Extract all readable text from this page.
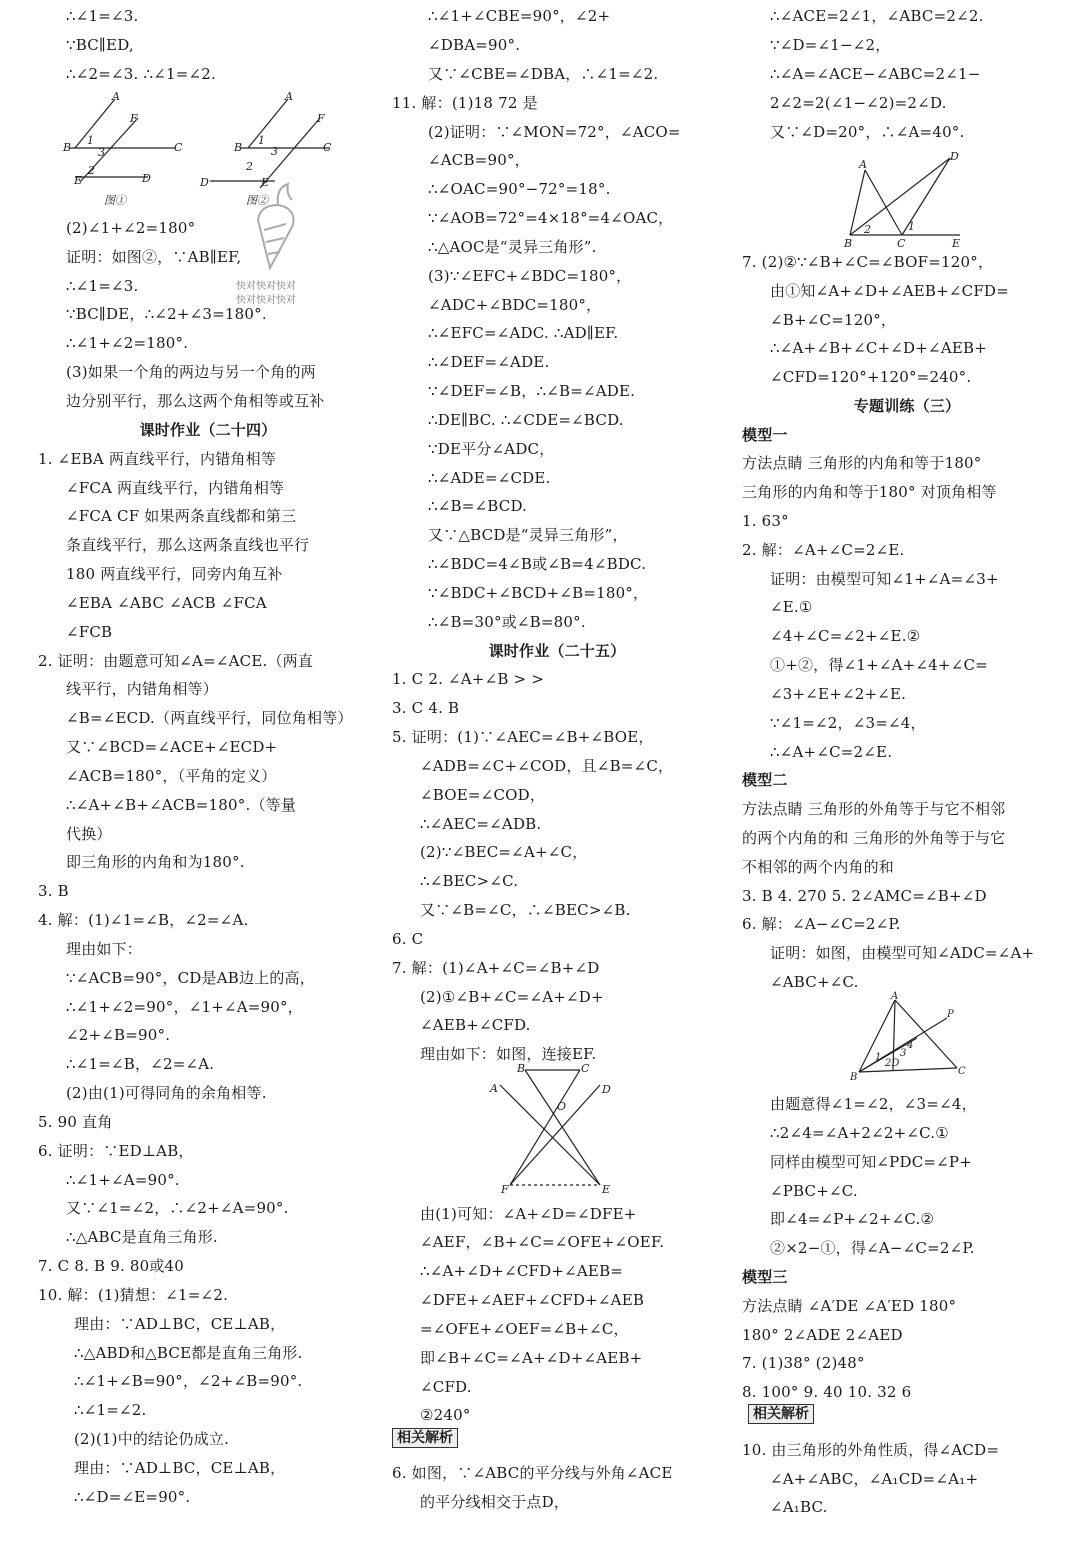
∴∠1=∠3.
∵BC∥ED,
∴∠2=∠3. ∴∠1=∠2.
(2)∠1+∠2=180°
证明：如图②，∵AB∥EF,
∴∠1=∠3.
∵BC∥DE，∴∠2+∠3=180°.
∴∠1+∠2=180°.
(3)如果一个角的两边与另一个角的两
边分别平行，那么这两个角相等或互补
课时作业（二十四）
1. ∠EBA 两直线平行，内错角相等
∠FCA 两直线平行，内错角相等
∠FCA CF 如果两条直线都和第三
条直线平行，那么这两条直线也平行
180 两直线平行，同旁内角互补
∠EBA ∠ABC ∠ACB ∠FCA
∠FCB
2. 证明：由题意可知∠A=∠ACE.（两直
线平行，内错角相等）
∠B=∠ECD.（两直线平行，同位角相等）
又∵∠BCD=∠ACE+∠ECD+
∠ACB=180°，（平角的定义）
∴∠A+∠B+∠ACB=180°.（等量
代换）
即三角形的内角和为180°.
3. B
4. 解：(1)∠1=∠B，∠2=∠A.
理由如下：
∵∠ACB=90°，CD是AB边上的高，
∴∠1+∠2=90°，∠1+∠A=90°，
∠2+∠B=90°.
∴∠1=∠B，∠2=∠A.
(2)由(1)可得同角的余角相等.
5. 90 直角
6. 证明：∵ED⊥AB，
∴∠1+∠A=90°.
又∵∠1=∠2，∴∠2+∠A=90°.
∴△ABC是直角三角形.
7. C 8. B 9. 80或40
10. 解：(1)猜想：∠1=∠2.
理由：∵AD⊥BC，CE⊥AB，
∴△ABD和△BCE都是直角三角形.
∴∠1+∠B=90°，∠2+∠B=90°.
∴∠1=∠2.
(2)(1)中的结论仍成立.
理由：∵AD⊥BC，CE⊥AB，
∴∠D=∠E=90°.
∴∠1+∠CBE=90°，∠2+
∠DBA=90°.
又∵∠CBE=∠DBA，∴∠1=∠2.
11. 解：(1)18 72 是
(2)证明：∵∠MON=72°，∠ACO=
∠ACB=90°，
∴∠OAC=90°−72°=18°.
∵∠AOB=72°=4×18°=4∠OAC，
∴△AOC是“灵异三角形”.
(3)∵∠EFC+∠BDC=180°，
∠ADC+∠BDC=180°，
∴∠EFC=∠ADC. ∴AD∥EF.
∴∠DEF=∠ADE.
∵∠DEF=∠B，∴∠B=∠ADE.
∴DE∥BC. ∴∠CDE=∠BCD.
∵DE平分∠ADC，
∴∠ADE=∠CDE.
∴∠B=∠BCD.
又∵△BCD是“灵异三角形”，
∴∠BDC=4∠B或∠B=4∠BDC.
∵∠BDC+∠BCD+∠B=180°，
∴∠B=30°或∠B=80°.
课时作业（二十五）
1. C 2. ∠A+∠B > >
3. C 4. B
5. 证明：(1)∵∠AEC=∠B+∠BOE，
∠ADB=∠C+∠COD，且∠B=∠C，
∠BOE=∠COD，
∴∠AEC=∠ADB.
(2)∵∠BEC=∠A+∠C，
∴∠BEC>∠C.
又∵∠B=∠C，∴∠BEC>∠B.
6. C
7. 解：(1)∠A+∠C=∠B+∠D
(2)①∠B+∠C=∠A+∠D+
∠AEB+∠CFD.
理由如下：如图，连接EF.
由(1)可知：∠A+∠D=∠DFE+
∠AEF，∠B+∠C=∠OFE+∠OEF.
∴∠A+∠D+∠CFD+∠AEB=
∠DFE+∠AEF+∠CFD+∠AEB
=∠OFE+∠OEF=∠B+∠C，
即∠B+∠C=∠A+∠D+∠AEB+
∠CFD.
②240°
6. 如图，∵∠ABC的平分线与外角∠ACE
的平分线相交于点D，
∴∠ACE=2∠1，∠ABC=2∠2.
∵∠D=∠1−∠2，
∴∠A=∠ACE−∠ABC=2∠1−
2∠2=2(∠1−∠2)=2∠D.
又∵∠D=20°，∴∠A=40°.
7. (2)②∵∠B+∠C=∠BOF=120°，
由①知∠A+∠D+∠AEB+∠CFD=
∠B+∠C=120°，
∴∠A+∠B+∠C+∠D+∠AEB+
∠CFD=120°+120°=240°.
专题训练（三）
模型一
方法点睛 三角形的内角和等于180°
三角形的内角和等于180° 对顶角相等
1. 63°
2. 解：∠A+∠C=2∠E.
证明：由模型可知∠1+∠A=∠3+
∠E.①
∠4+∠C=∠2+∠E.②
①+②，得∠1+∠A+∠4+∠C=
∠3+∠E+∠2+∠E.
∵∠1=∠2，∠3=∠4，
∴∠A+∠C=2∠E.
模型二
方法点睛 三角形的外角等于与它不相邻
的两个内角的和 三角形的外角等于与它
不相邻的两个内角的和
3. B 4. 270 5. 2∠AMC=∠B+∠D
6. 解：∠A−∠C=2∠P.
证明：如图，由模型可知∠ADC=∠A+
∠ABC+∠C.
由题意得∠1=∠2，∠3=∠4，
∴2∠4=∠A+2∠2+∠C.①
同样由模型可知∠PDC=∠P+
∠PBC+∠C.
即∠4=∠P+∠2+∠C.②
②×2−①，得∠A−∠C=2∠P.
模型三
方法点睛 ∠A′DE ∠A′ED 180°
180° 2∠ADE 2∠AED
7. (1)38° (2)48°
8. 100° 9. 40 10. 32 6
10. 由三角形的外角性质，得∠ACD=
∠A+∠ABC，∠A₁CD=∠A₁+
∠A₁BC.
A
F
B
1
3
2
C
E	D
A
F
B
1
3
2
C
D	E
图①	图②
快对快对快对
快对快对快对
B	C
A	D
O
F	E
A
D
B	C	E
2	1
A
P
B
2D
C
1 3
4
相关解析
相关解析
